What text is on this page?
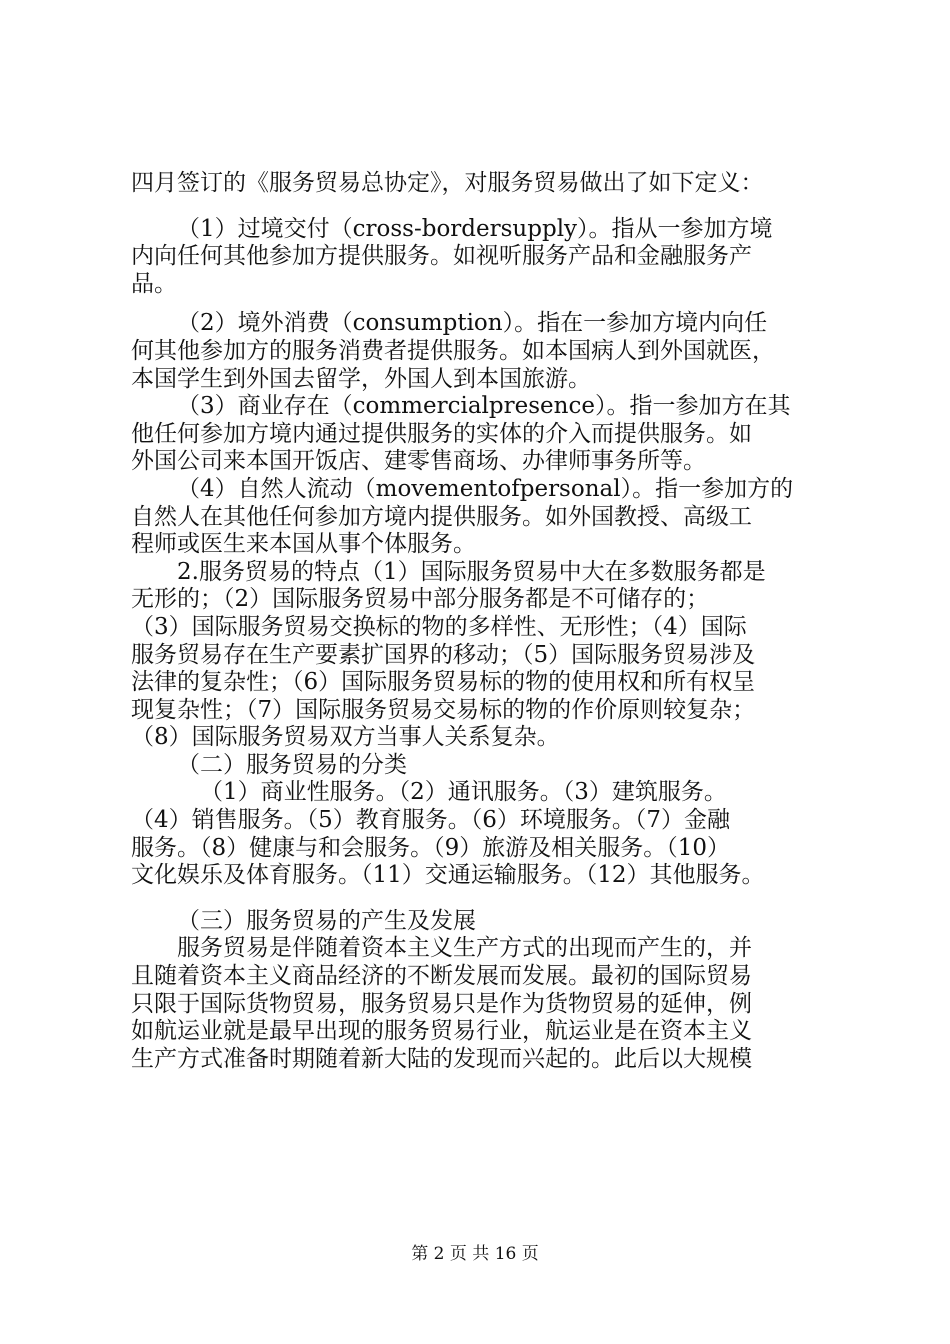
四月签订的《服务贸易总协定》，对服务贸易做出了如下定义：

（1）过境交付（cross-bordersupply）。指从一参加方境
内向任何其他参加方提供服务。如视听服务产品和金融服务产
品。

（2）境外消费（consumption）。指在一参加方境内向任
何其他参加方的服务消费者提供服务。如本国病人到外国就医，
本国学生到外国去留学，外国人到本国旅游。

（3）商业存在（commercialpresence）。指一参加方在其
他任何参加方境内通过提供服务的实体的介入而提供服务。如
外国公司来本国开饭店、建零售商场、办律师事务所等。

（4）自然人流动（movementofpersonal）。指一参加方的
自然人在其他任何参加方境内提供服务。如外国教授、高级工
程师或医生来本国从事个体服务。

2.服务贸易的特点（1）国际服务贸易中大在多数服务都是
无形的；（2）国际服务贸易中部分服务都是不可储存的；
（3）国际服务贸易交换标的物的多样性、无形性；（4）国际
服务贸易存在生产要素扩国界的移动；（5）国际服务贸易涉及
法律的复杂性；（6）国际服务贸易标的物的使用权和所有权呈
现复杂性；（7）国际服务贸易交易标的物的作价原则较复杂；
（8）国际服务贸易双方当事人关系复杂。

（二）服务贸易的分类

（1）商业性服务。（2）通讯服务。（3）建筑服务。
（4）销售服务。（5）教育服务。（6）环境服务。（7）金融
服务。（8）健康与和会服务。（9）旅游及相关服务。（10）
文化娱乐及体育服务。（11）交通运输服务。（12）其他服务。

（三）服务贸易的产生及发展

服务贸易是伴随着资本主义生产方式的出现而产生的，并
且随着资本主义商品经济的不断发展而发展。最初的国际贸易
只限于国际货物贸易，服务贸易只是作为货物贸易的延伸，例
如航运业就是最早出现的服务贸易行业，航运业是在资本主义
生产方式准备时期随着新大陆的发现而兴起的。此后以大规模

第 2 页 共 16 页
